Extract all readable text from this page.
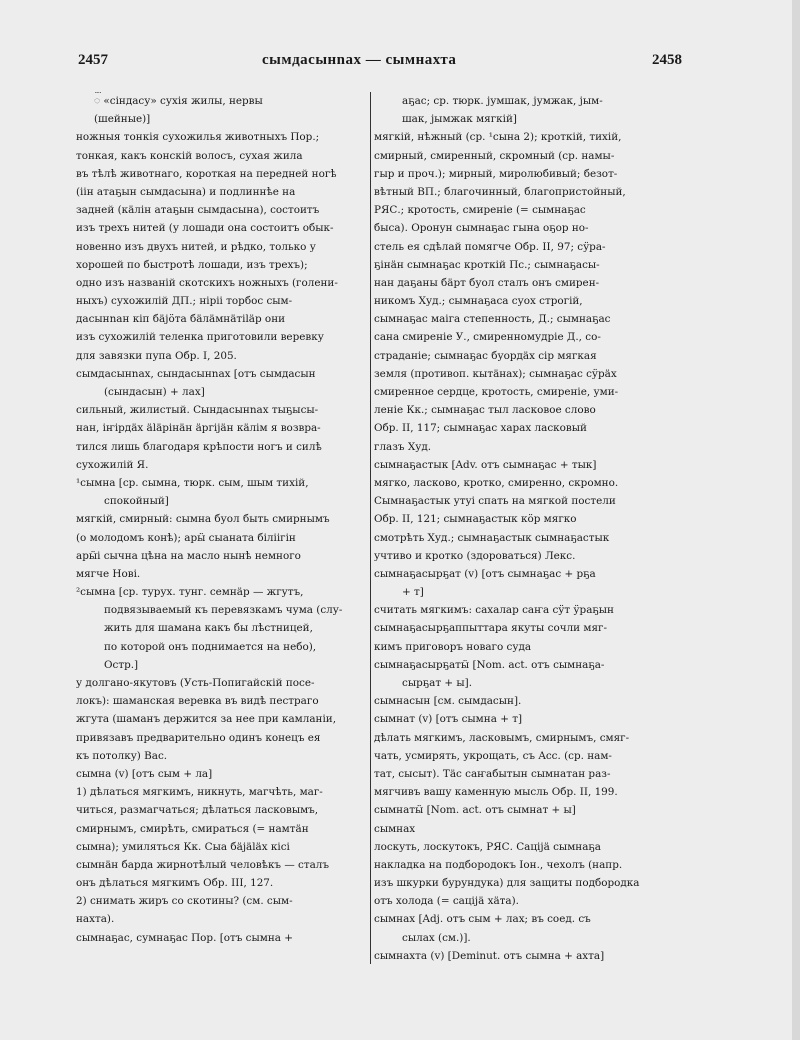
2457	сымдасынnах — сымнахта	2458
ᢆ «сіндасу» сухія жилы, нервы
(шейные)]
ножныя тонкія сухожилья животныхъ Пор.;
тонкая, какъ конскій волосъ, сухая жила
въ тѣлѣ животнаго, короткая на передней ногѣ
(іін атаҕын сымдасына) и подлиннѣе на
задней (кäлін атаҕын сымдасына), состоитъ
изъ трехъ нитей (у лошади она состоитъ обык-
новенно изъ двухъ нитей, и рѣдко, только у
хорошей по быстротѣ лошади, изъ трехъ);
одно изъ названій скотскихъ ножныхъ (голени-
ныхъ) сухожилій ДП.; ніріі торбос сым-
дасынnан кіп бäјӧта бäлäмнäтiläр они
изъ сухожилій теленка приготовили веревку
для завязки пупа Обр. I, 205.
сымдасынnах, сындасынnах [отъ сымдасын
(сындасын) + лах]
сильный, жилистый. Сындасынnах тыҕысы-
нан, іҥірдäх äläрінäн äргіјäн кäлiм я возвра-
тился лишь благодаря крѣпости ногъ и силѣ
сухожилій Я.
¹сымна [ср. сымна, тюрк. сым, шым тихій,
спокойный]
мягкій, смирный: сымна буол быть смирнымъ
(о молодомъ конѣ); арӹ сыаната біліігін
арӹі сычна цѣна на масло нынѣ немного
мягче Нові.
²сымна [ср. турух. тунг. семнäр — жгутъ,
подвязываемый къ перевязкамъ чума (слу-
жить для шамана какъ бы лѣстницей,
по которой онъ поднимается на небо),
Остр.]
у долгано-якутовъ (Усть-Попигайскій посе-
локъ): шаманская веревка въ видѣ пестраго
жгута (шаманъ держится за нее при камланіи,
привязавъ предварительно одинъ конецъ ея
къ потолку) Вас.
сымна (v) [отъ сым + ла]
1) дѣлаться мягкимъ, никнуть, магчѣть, маг-
читься, размагчаться; дѣлаться ласковымъ,
смирнымъ, смирѣть, смираться (= намтäн
сымна); умиляться Кк. Сыа бäјäläх кісі
сымнäн барда жирнотѣлый человѣкъ — сталъ
онъ дѣлаться мягкимъ Обр. III, 127.
2) снимать жиръ со скотины? (см. сым-
нахта).
сымнаҕас, сумнаҕас Пор. [отъ сымна +
аҕас; ср. тюрк. јумшак, јумжак, јым-
шак, јымжак мягкій]
мягкій, нѣжный (ср. ¹сына 2); кроткій, тихій,
смирный, смиренный, скромный (ср. намы-
гыр и проч.); мирный, миролюбивый; безот-
вѣтный ВП.; благочинный, благопристойный,
РЯС.; кротость, смиреніе (= сымнаҕас
быса). Оронун сымнаҕас гына оҕор но-
стель ея сдѣлай помягче Обр. II, 97; сӱра-
ҕінäн сымнаҕас кроткій Пс.; сымнаҕасы-
нан даҕаны бäрт буол сталъ онъ смирен-
никомъ Худ.; сымнаҕаса суох строгій,
сымнаҕас маіга степенность, Д.; сымнаҕас
сана смиреніе У., смиренномудріе Д., со-
страданіе; сымнаҕас буордäх сір мягкая
земля (противоп. кытäнах); сымнаҕас сӱрäх
смиренное сердце, кротость, смиреніе, уми-
леніе Кк.; сымнаҕас тыл ласковое слово
Обр. II, 117; сымнаҕас харах ласковый
глазъ Худ.
сымнаҕастык [Adv. отъ сымнаҕас + тык]
мягко, ласково, кротко, смиренно, скромно.
Сымнаҕастык утуі спать на мягкой постели
Обр. II, 121; сымнаҕастык кӧр мягко
смотрѣть Худ.; сымнаҕастык сымнаҕастык
учтиво и кротко (здороваться) Лекс.
сымнаҕасырҕат (v) [отъ сымнаҕас + рҕа
+ т]
считать мягкимъ: сахалар саҥа сӱт ӱраҕын
сымнаҕасырҕаппыттара якуты сочли мяг-
кимъ приговоръ новаго суда
сымнаҕасырҕатӹ [Nom. act. отъ сымнаҕа-
сырҕат + ы].
сымнасын [см. сымдасын].
сымнат (v) [отъ сымна + т]
дѣлать мягкимъ, ласковымъ, смирнымъ, смяг-
чать, усмирять, укрощать, съ Acc. (ср. нам-
тат, сысыт). Тäс саҥабытын сымнатан раз-
мягчивъ вашу каменную мысль Обр. II, 199.
сымнатӹ [Nom. act. отъ сымнат + ы]
сымнах
лоскуть, лоскутокъ, РЯС. Саціјä сымнаҕа
накладка на подбородокъ Іон., чехолъ (напр.
изъ шкурки бурундука) для защиты подбородка
отъ холода (= саціјä хäта).
сымнах [Adj. отъ сым + лах; въ соед. съ
сылах (см.)].
сымнахта (v) [Deminut. отъ сымна + ахта]
